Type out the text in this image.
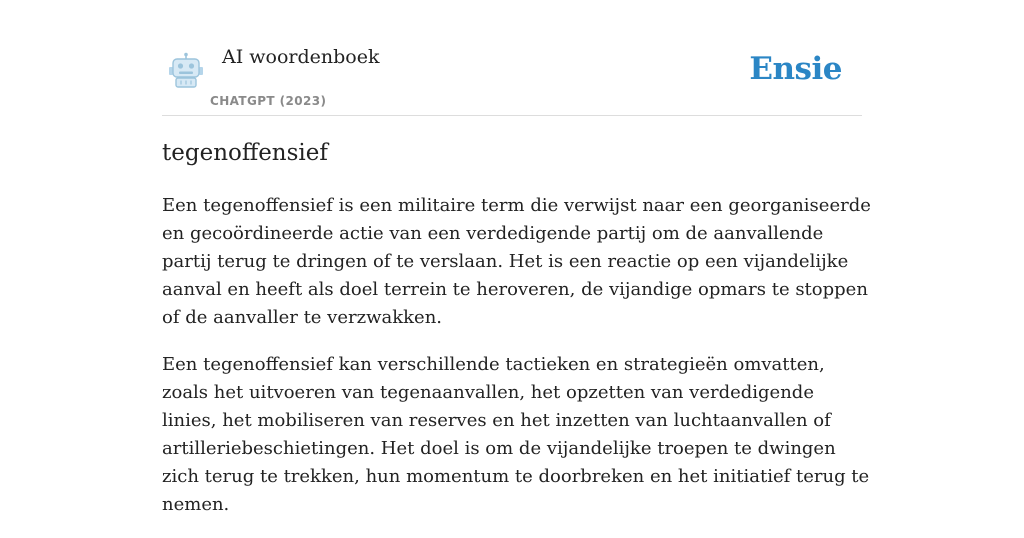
AI woordenboek
CHATGPT (2023)
Ensie
tegenoffensief

Een tegenoffensief is een militaire term die verwijst naar een georganiseerde en gecoördineerde actie van een verdedigende partij om de aanvallende partij terug te dringen of te verslaan. Het is een reactie op een vijandelijke aanval en heeft als doel terrein te heroveren, de vijandige opmars te stoppen of de aanvaller te verzwakken.

Een tegenoffensief kan verschillende tactieken en strategieën omvatten, zoals het uitvoeren van tegenaanvallen, het opzetten van verdedigende linies, het mobiliseren van reserves en het inzetten van luchtaanvallen of artilleriebeschietingen. Het doel is om de vijandelijke troepen te dwingen zich terug te trekken, hun momentum te doorbreken en het initiatief terug te nemen.
